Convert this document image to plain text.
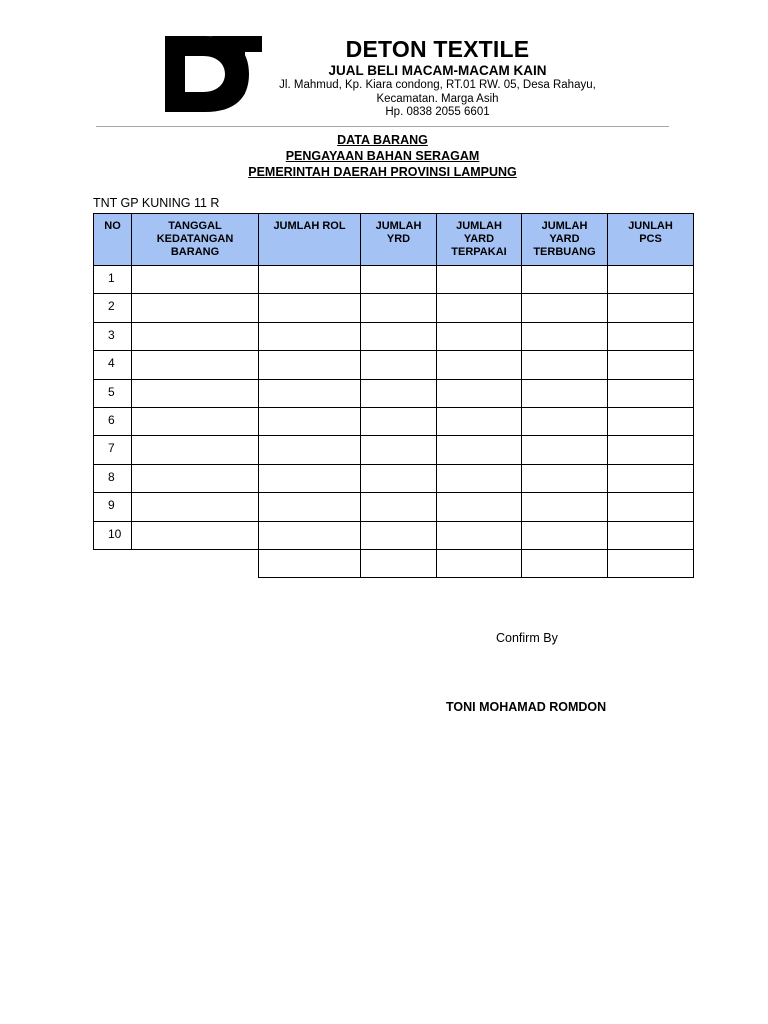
DETON TEXTILE
JUAL BELI MACAM-MACAM KAIN
Jl. Mahmud, Kp. Kiara condong, RT.01 RW. 05, Desa Rahayu,
Kecamatan. Marga Asih
Hp. 0838 2055 6601
DATA BARANG
PENGAYAAN BAHAN SERAGAM
PEMERINTAH DAERAH PROVINSI LAMPUNG
TNT GP KUNING 11 R
NO	TANGGAL
KEDATANGAN
BARANG
JUMLAH ROL	JUMLAH
YRD
JUMLAH
YARD
TERPAKAI
JUMLAH
YARD
TERBUANG
JUNLAH
PCS
1
2
3
4
5
6
7
8
9
10
Confirm By
TONI MOHAMAD ROMDON
